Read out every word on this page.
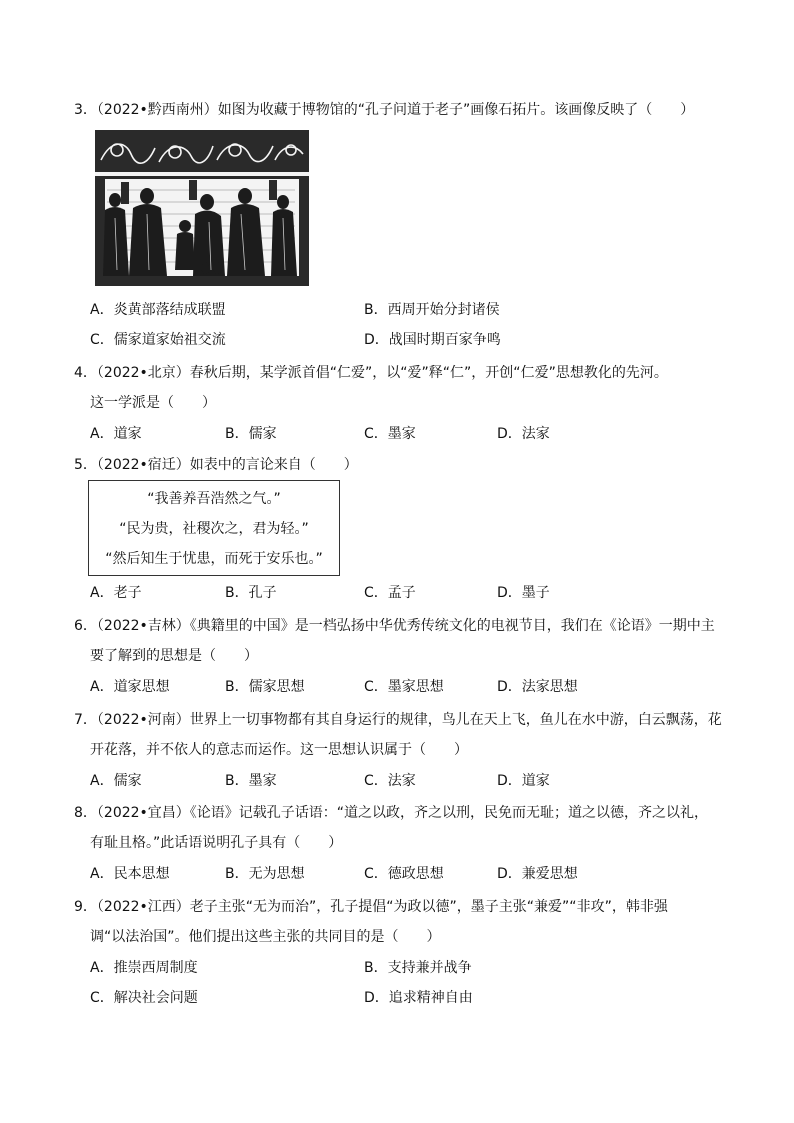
3．（2022•黔西南州）如图为收藏于博物馆的“孔子问道于老子”画像石拓片。该画像反映了（　　）
A．炎黄部落结成联盟	B．西周开始分封诸侯
C．儒家道家始祖交流	D．战国时期百家争鸣
4．（2022•北京）春秋后期，某学派首倡“仁爱”，以“爱”释“仁”，开创“仁爱”思想教化的先河。
这一学派是（　　）
A．道家	B．儒家	C．墨家	D．法家
5．（2022•宿迁）如表中的言论来自（　　）
“我善养吾浩然之气。”
“民为贵，社稷次之，君为轻。”
“然后知生于忧患，而死于安乐也。”
A．老子	B．孔子	C．孟子	D．墨子
6．（2022•吉林）《典籍里的中国》是一档弘扬中华优秀传统文化的电视节目，我们在《论语》一期中主
要了解到的思想是（　　）
A．道家思想	B．儒家思想	C．墨家思想	D．法家思想
7．（2022•河南）世界上一切事物都有其自身运行的规律，鸟儿在天上飞，鱼儿在水中游，白云飘荡，花
开花落，并不依人的意志而运作。这一思想认识属于（　　）
A．儒家	B．墨家	C．法家	D．道家
8．（2022•宜昌）《论语》记载孔子话语：“道之以政，齐之以刑，民免而无耻；道之以德，齐之以礼，
有耻且格。”此话语说明孔子具有（　　）
A．民本思想	B．无为思想	C．德政思想	D．兼爱思想
9．（2022•江西）老子主张“无为而治”，孔子提倡“为政以德”，墨子主张“兼爱”“非攻”，韩非强
调“以法治国”。他们提出这些主张的共同目的是（　　）
A．推崇西周制度	B．支持兼并战争
C．解决社会问题	D．追求精神自由
